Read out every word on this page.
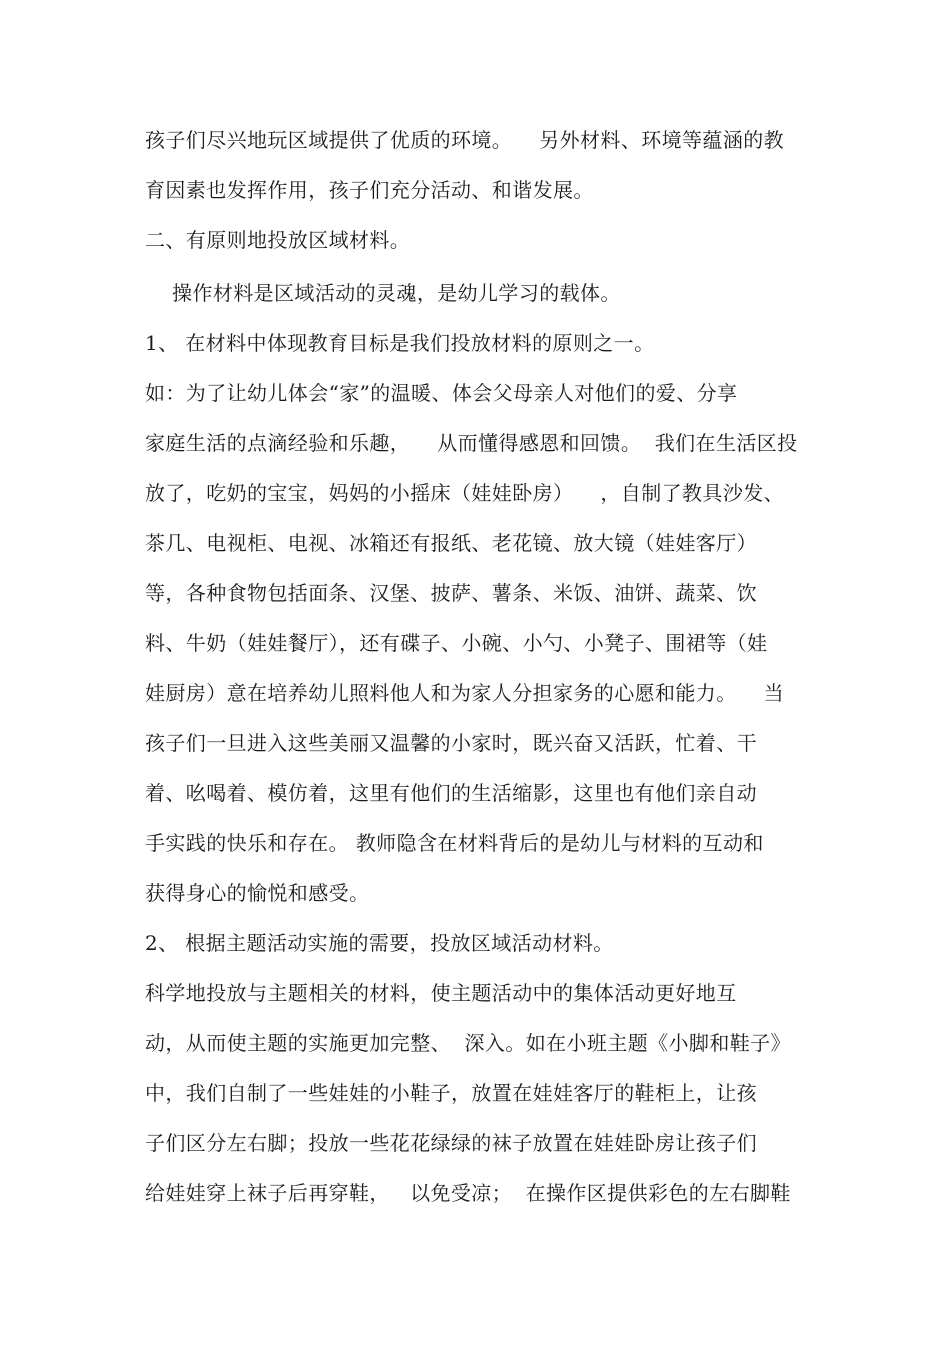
孩子们尽兴地玩区域提供了优质的环境。    另外材料、环境等蕴涵的教
育因素也发挥作用，孩子们充分活动、和谐发展。
二、有原则地投放区域材料。
操作材料是区域活动的灵魂，是幼儿学习的载体。
1、 在材料中体现教育目标是我们投放材料的原则之一。
如：为了让幼儿体会“家”的温暖、体会父母亲人对他们的爱、分享
家庭生活的点滴经验和乐趣，    从而懂得感恩和回馈。  我们在生活区投
放了，吃奶的宝宝，妈妈的小摇床（娃娃卧房）    ，自制了教具沙发、
茶几、电视柜、电视、冰箱还有报纸、老花镜、放大镜（娃娃客厅）
等，各种食物包括面条、汉堡、披萨、薯条、米饭、油饼、蔬菜、饮
料、牛奶（娃娃餐厅），还有碟子、小碗、小勺、小凳子、围裙等（娃
娃厨房）意在培养幼儿照料他人和为家人分担家务的心愿和能力。    当
孩子们一旦进入这些美丽又温馨的小家时，既兴奋又活跃，忙着、干
着、吆喝着、模仿着，这里有他们的生活缩影，这里也有他们亲自动
手实践的快乐和存在。 教师隐含在材料背后的是幼儿与材料的互动和
获得身心的愉悦和感受。
2、 根据主题活动实施的需要，投放区域活动材料。
科学地投放与主题相关的材料，使主题活动中的集体活动更好地互
动，从而使主题的实施更加完整、  深入。如在小班主题《小脚和鞋子》
中，我们自制了一些娃娃的小鞋子，放置在娃娃客厅的鞋柜上，让孩
子们区分左右脚；投放一些花花绿绿的袜子放置在娃娃卧房让孩子们
给娃娃穿上袜子后再穿鞋，   以免受凉；  在操作区提供彩色的左右脚鞋
